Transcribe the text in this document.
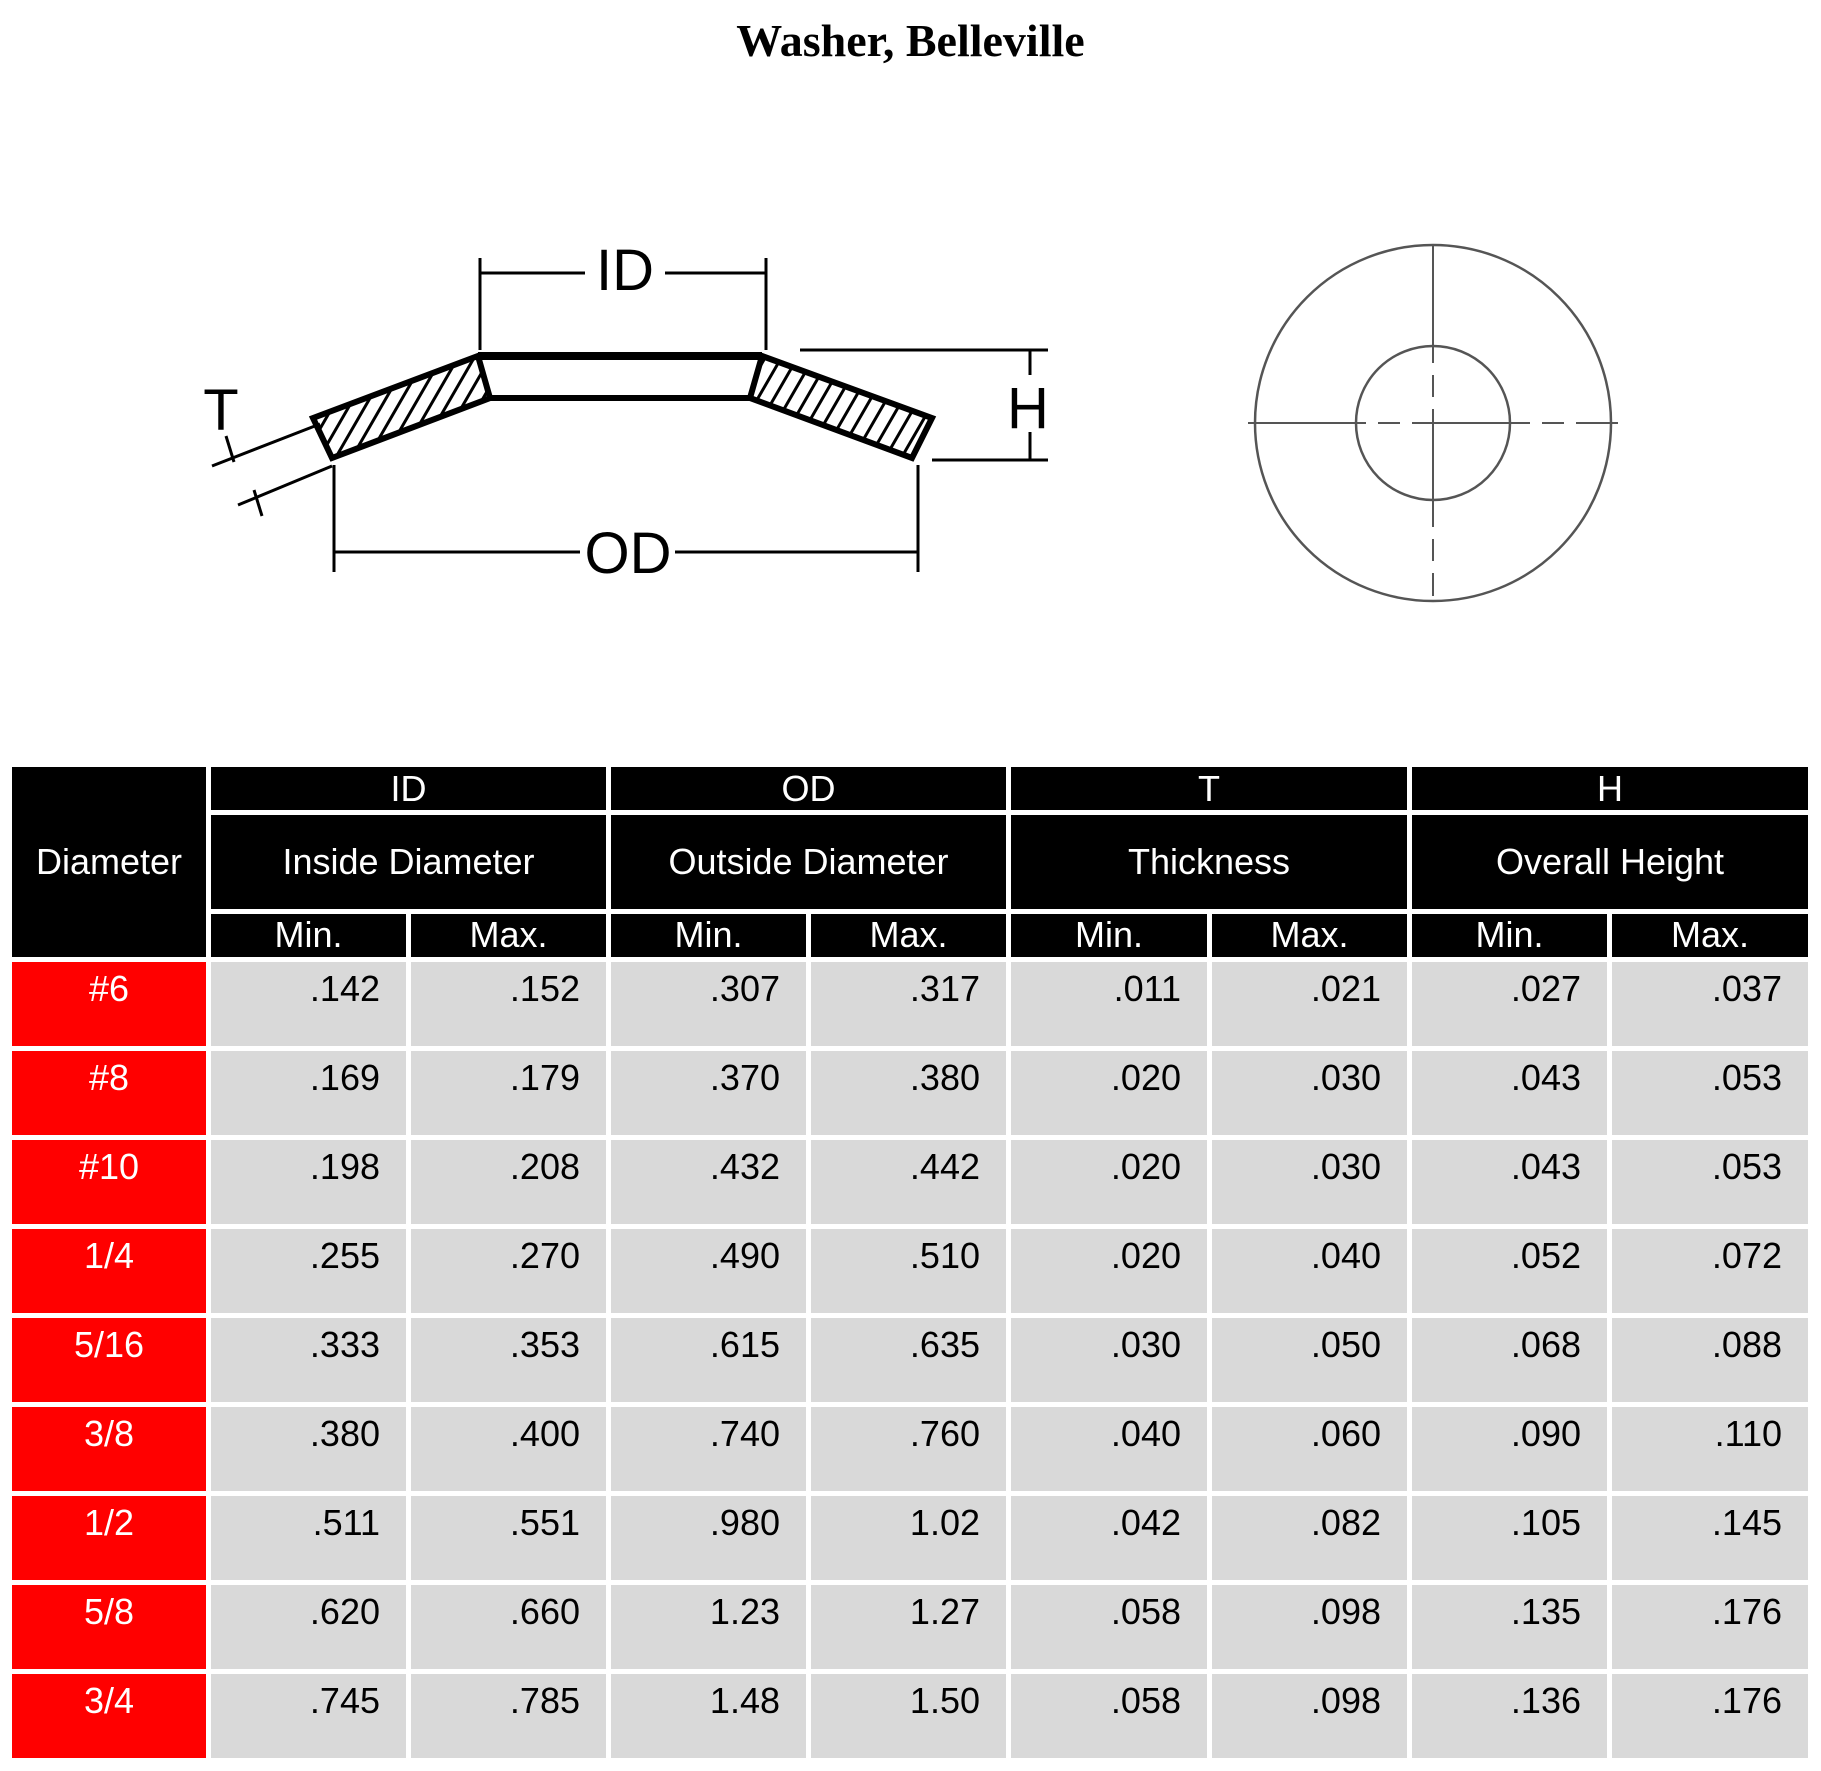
Washer, Belleville
ID
OD
H
T
Diameter	ID		OD		T		H	
	Inside Diameter		Outside Diameter		Thickness		Overall Height	
	Min.	Max.	Min.	Max.	Min.	Max.	Min.	Max.
#6	.142	.152	.307	.317	.011	.021	.027	.037
#8	.169	.179	.370	.380	.020	.030	.043	.053
#10	.198	.208	.432	.442	.020	.030	.043	.053
1/4	.255	.270	.490	.510	.020	.040	.052	.072
5/16	.333	.353	.615	.635	.030	.050	.068	.088
3/8	.380	.400	.740	.760	.040	.060	.090	.110
1/2	.511	.551	.980	1.02	.042	.082	.105	.145
5/8	.620	.660	1.23	1.27	.058	.098	.135	.176
3/4	.745	.785	1.48	1.50	.058	.098	.136	.176
